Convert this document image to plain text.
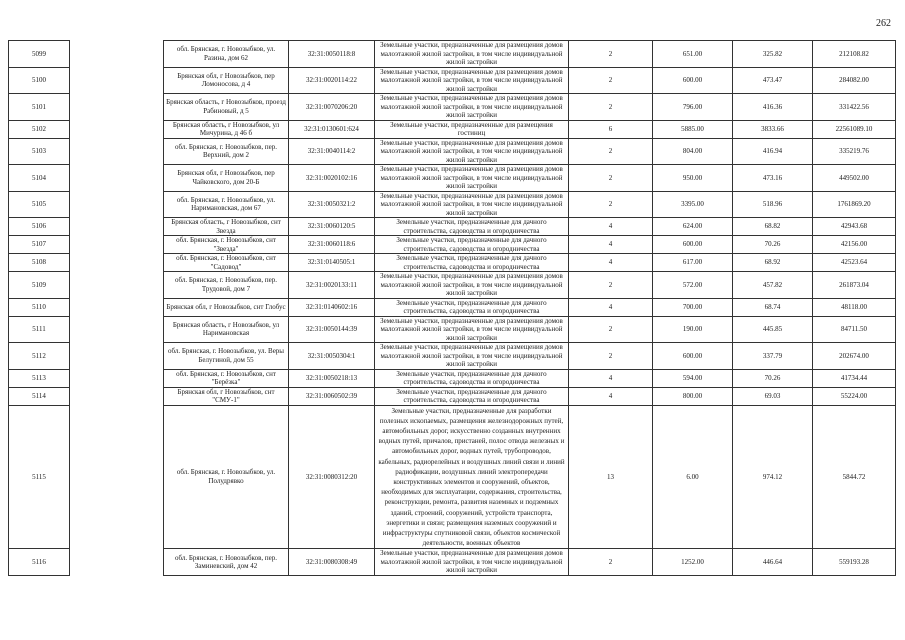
262
5099		обл. Брянская, г. Новозыбков, ул. Разина, дом 62	32:31:0050118:8	Земельные участки, предназначенные для размещения домов малоэтажной жилой застройки, в том числе индивидуальной жилой застройки	2	651.00	325.82	212108.82
5100		Брянская обл, г Новозыбков, пер Ломоносова, д 4	32:31:0020114:22	Земельные участки, предназначенные для размещения домов малоэтажной жилой застройки, в том числе индивидуальной жилой застройки	2	600.00	473.47	284082.00
5101		Брянская область, г Новозыбков, проезд Рабиновый, д 5	32:31:0070206:20	Земельные участки, предназначенные для размещения домов малоэтажной жилой застройки, в том числе индивидуальной жилой застройки	2	796.00	416.36	331422.56
5102		Брянская область, г Новозыбков, ул Мичурина, д 46 б	32:31:0130601:624	Земельные участки, предназначенные для размещения гостиниц	6	5885.00	3833.66	22561089.10
5103		обл. Брянская, г. Новозыбков, пер. Верхний, дом 2	32:31:0040114:2	Земельные участки, предназначенные для размещения домов малоэтажной жилой застройки, в том числе индивидуальной жилой застройки	2	804.00	416.94	335219.76
5104		Брянская обл, г Новозыбков, пер Чайковского, дом 20-Б	32:31:0020102:16	Земельные участки, предназначенные для размещения домов малоэтажной жилой застройки, в том числе индивидуальной жилой застройки	2	950.00	473.16	449502.00
5105		обл. Брянская, г. Новозыбков, ул. Наримановская, дом 67	32:31:0050321:2	Земельные участки, предназначенные для размещения домов малоэтажной жилой застройки, в том числе индивидуальной жилой застройки	2	3395.00	518.96	1761869.20
5106		Брянская область, г Новозыбков, снт Звезда	32:31:0060120:5	Земельные участки, предназначенные для дачного строительства, садоводства и огородничества	4	624.00	68.82	42943.68
5107		обл. Брянская, г. Новозыбков, снт "Звезда"	32:31:0060118:6	Земельные участки, предназначенные для дачного строительства, садоводства и огородничества	4	600.00	70.26	42156.00
5108		обл. Брянская, г. Новозыбков, снт "Садовод"	32:31:0140505:1	Земельные участки, предназначенные для дачного строительства, садоводства и огородничества	4	617.00	68.92	42523.64
5109		обл. Брянская, г. Новозыбков, пер. Трудовой, дом 7	32:31:0020133:11	Земельные участки, предназначенные для размещения домов малоэтажной жилой застройки, в том числе индивидуальной жилой застройки	2	572.00	457.82	261873.04
5110		Брянская обл, г Новозыбков, снт Глобус	32:31:0140602:16	Земельные участки, предназначенные для дачного строительства, садоводства и огородничества	4	700.00	68.74	48118.00
5111		Брянская область, г Новозыбков, ул Наримановская	32:31:0050144:39	Земельные участки, предназначенные для размещения домов малоэтажной жилой застройки, в том числе индивидуальной жилой застройки	2	190.00	445.85	84711.50
5112		обл. Брянская, г. Новозыбков, ул. Веры Белугиной, дом 55	32:31:0050304:1	Земельные участки, предназначенные для размещения домов малоэтажной жилой застройки, в том числе индивидуальной жилой застройки	2	600.00	337.79	202674.00
5113		обл. Брянская, г. Новозыбков, снт "Берёзка"	32:31:0050218:13	Земельные участки, предназначенные для дачного строительства, садоводства и огородничества	4	594.00	70.26	41734.44
5114		Брянская обл, г Новозыбков, снт "СМУ-1"	32:31:0060502:39	Земельные участки, предназначенные для дачного строительства, садоводства и огородничества	4	800.00	69.03	55224.00
5115		обл. Брянская, г. Новозыбков, ул. Полудрявко	32:31:0080312:20	Земельные участки, предназначенные для разработки полезных ископаемых, размещения железнодорожных путей, автомобильных дорог, искусственно созданных внутренних водных путей, причалов, пристаней, полос отвода железных и автомобильных дорог, водных путей, трубопроводов, кабельных, радиорелейных и воздушных линий связи и линий радиофикации, воздушных линий электропередачи конструктивных элементов и сооружений, объектов, необходимых для эксплуатации, содержания, строительства, реконструкции, ремонта, развития наземных и подземных зданий, строений, сооружений, устройств транспорта, энергетики и связи; размещения наземных сооружений и инфраструктуры спутниковой связи, объектов космической деятельности, военных объектов	13	6.00	974.12	5844.72
5116		обл. Брянская, г. Новозыбков, пер. Заминевский, дом 42	32:31:0080308:49	Земельные участки, предназначенные для размещения домов малоэтажной жилой застройки, в том числе индивидуальной жилой застройки	2	1252.00	446.64	559193.28
